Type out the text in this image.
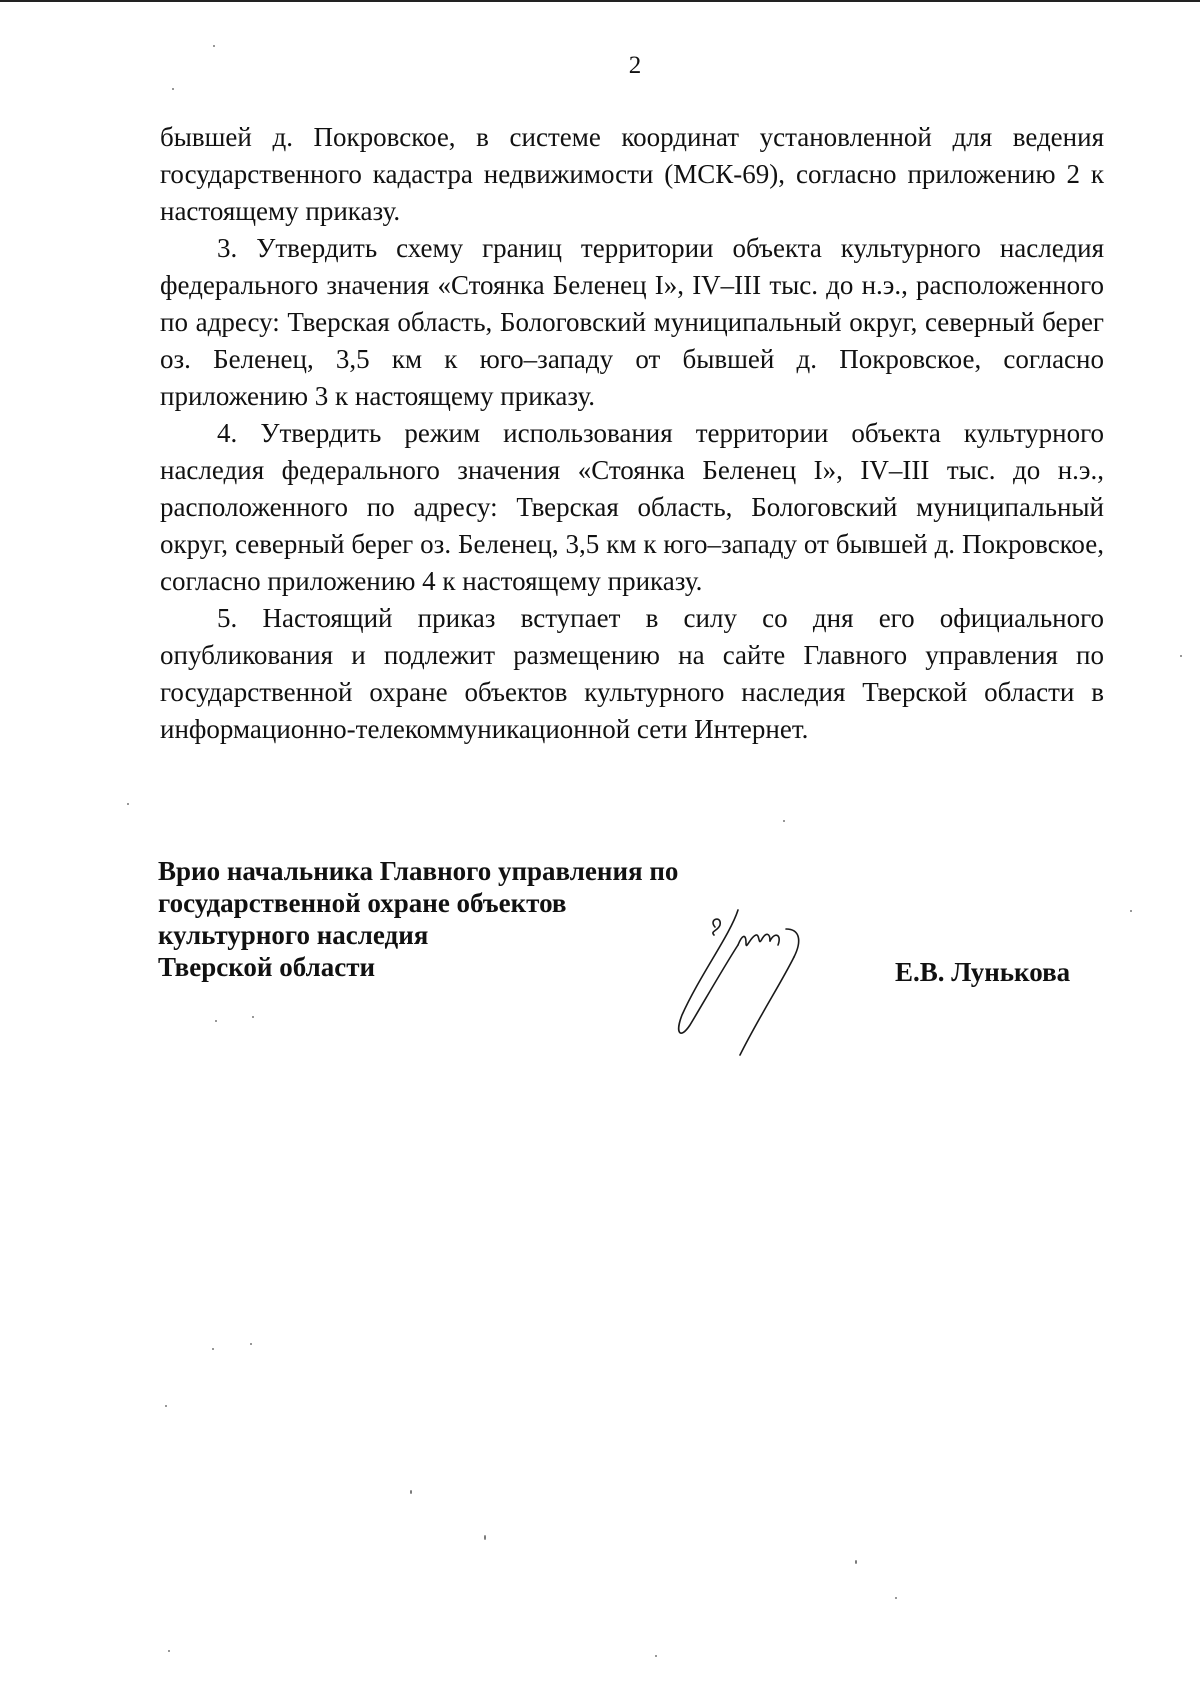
2

бывшей д. Покровское, в системе координат установленной для ведения государственного кадастра недвижимости (МСК-69), согласно приложению 2 к настоящему приказу.

3. Утвердить схему границ территории объекта культурного наследия федерального значения «Стоянка Беленец I», IV–III тыс. до н.э., расположенного по адресу: Тверская область, Бологовский муниципальный округ, северный берег оз. Беленец, 3,5 км к юго–западу от бывшей д. Покровское, согласно приложению 3 к настоящему приказу.

4. Утвердить режим использования территории объекта культурного наследия федерального значения «Стоянка Беленец I», IV–III тыс. до н.э., расположенного по адресу: Тверская область, Бологовский муниципальный округ, северный берег оз. Беленец, 3,5 км к юго–западу от бывшей д. Покровское, согласно приложению 4 к настоящему приказу.

5. Настоящий приказ вступает в силу со дня его официального опубликования и подлежит размещению на сайте Главного управления по государственной охране объектов культурного наследия Тверской области в информационно-телекоммуникационной сети Интернет.

Врио начальника Главного управления по
государственной охране объектов
культурного наследия
Тверской области	Е.В. Лунькова
